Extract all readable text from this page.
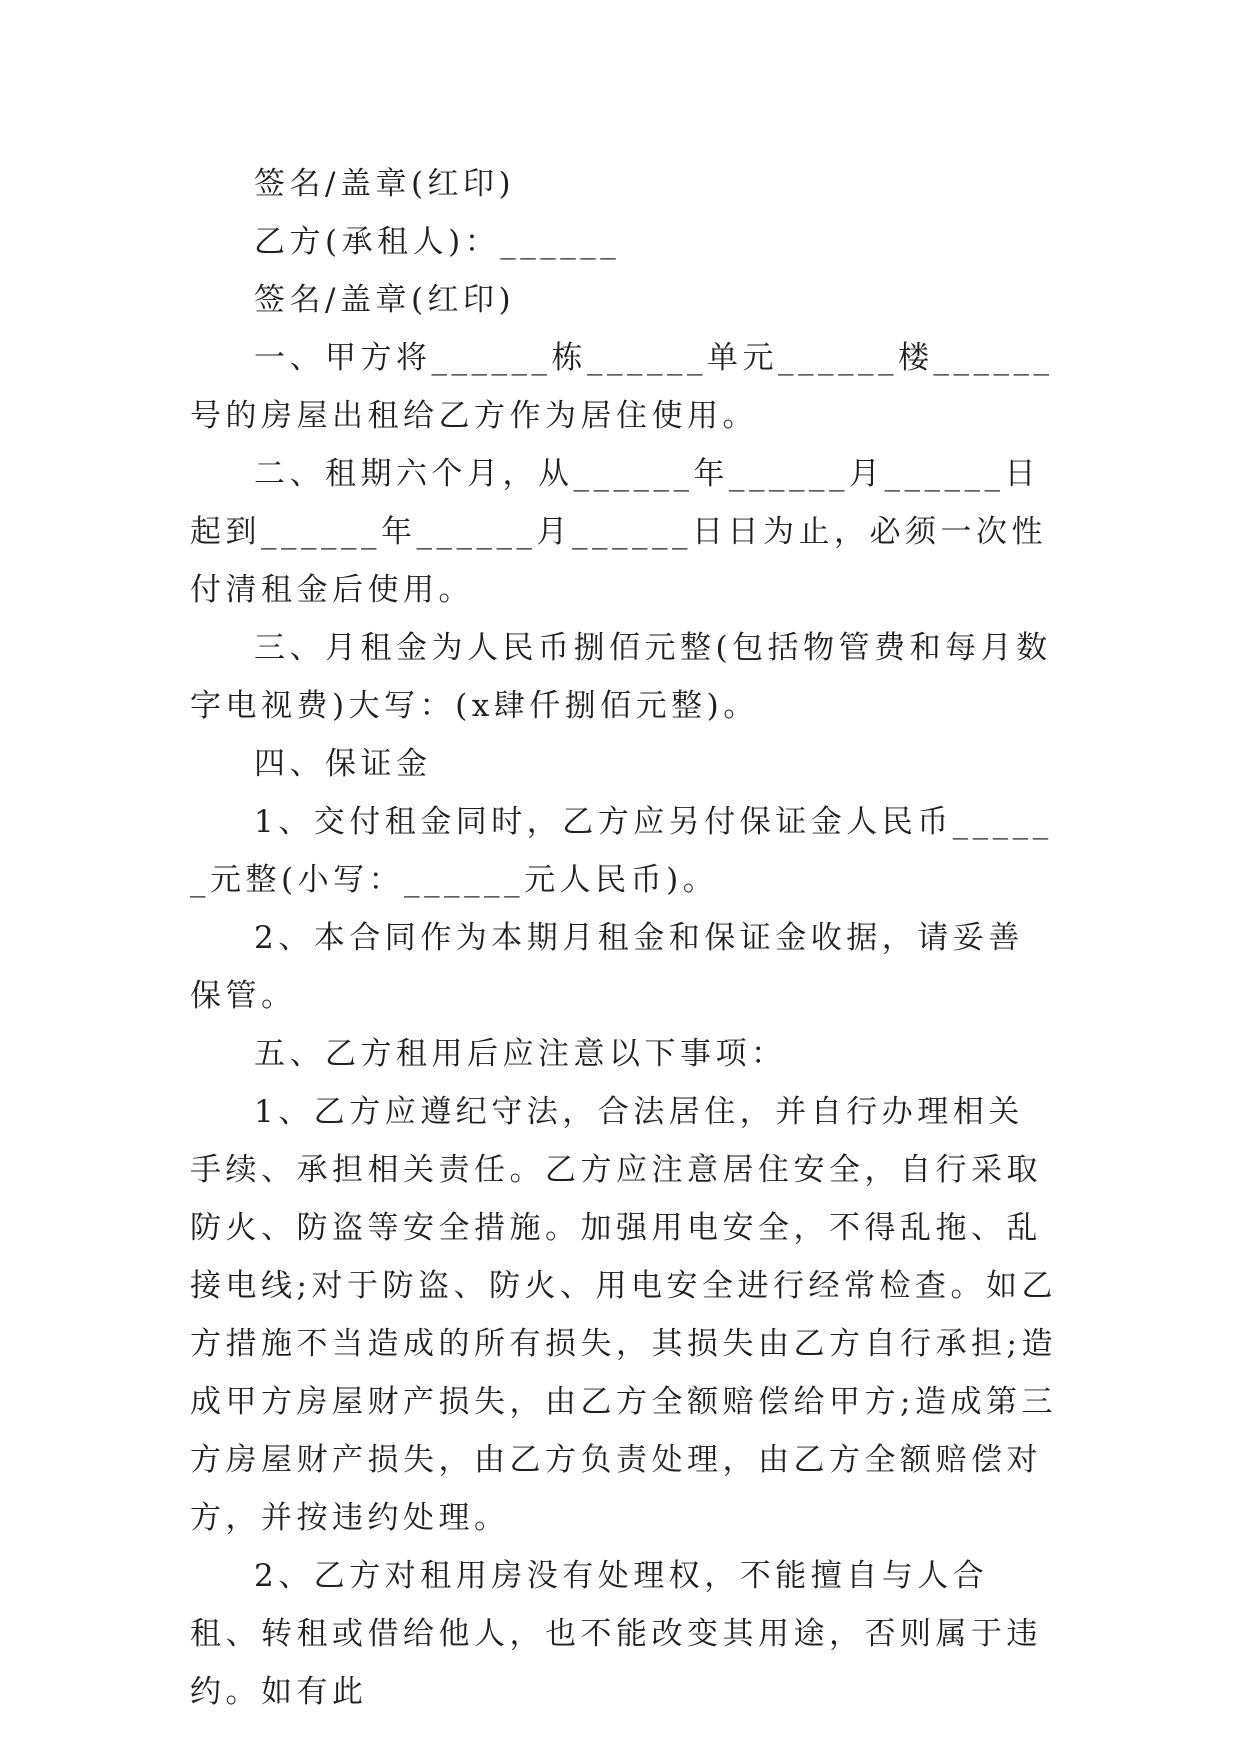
签名/盖章(红印)

乙方(承租人)：______

签名/盖章(红印)

一、甲方将______栋______单元______楼______号的房屋出租给乙方作为居住使用。

二、租期六个月，从______年______月______日起到______年______月______日日为止，必须一次性付清租金后使用。

三、月租金为人民币捌佰元整(包括物管费和每月数字电视费)大写：(x肆仟捌佰元整)。

四、保证金

1、交付租金同时，乙方应另付保证金人民币______元整(小写：______元人民币)。

2、本合同作为本期月租金和保证金收据，请妥善保管。

五、乙方租用后应注意以下事项：

1、乙方应遵纪守法，合法居住，并自行办理相关手续、承担相关责任。乙方应注意居住安全，自行采取防火、防盗等安全措施。加强用电安全，不得乱拖、乱接电线;对于防盗、防火、用电安全进行经常检查。如乙方措施不当造成的所有损失，其损失由乙方自行承担;造成甲方房屋财产损失，由乙方全额赔偿给甲方;造成第三方房屋财产损失，由乙方负责处理，由乙方全额赔偿对方，并按违约处理。

2、乙方对租用房没有处理权，不能擅自与人合租、转租或借给他人，也不能改变其用途，否则属于违约。如有此
